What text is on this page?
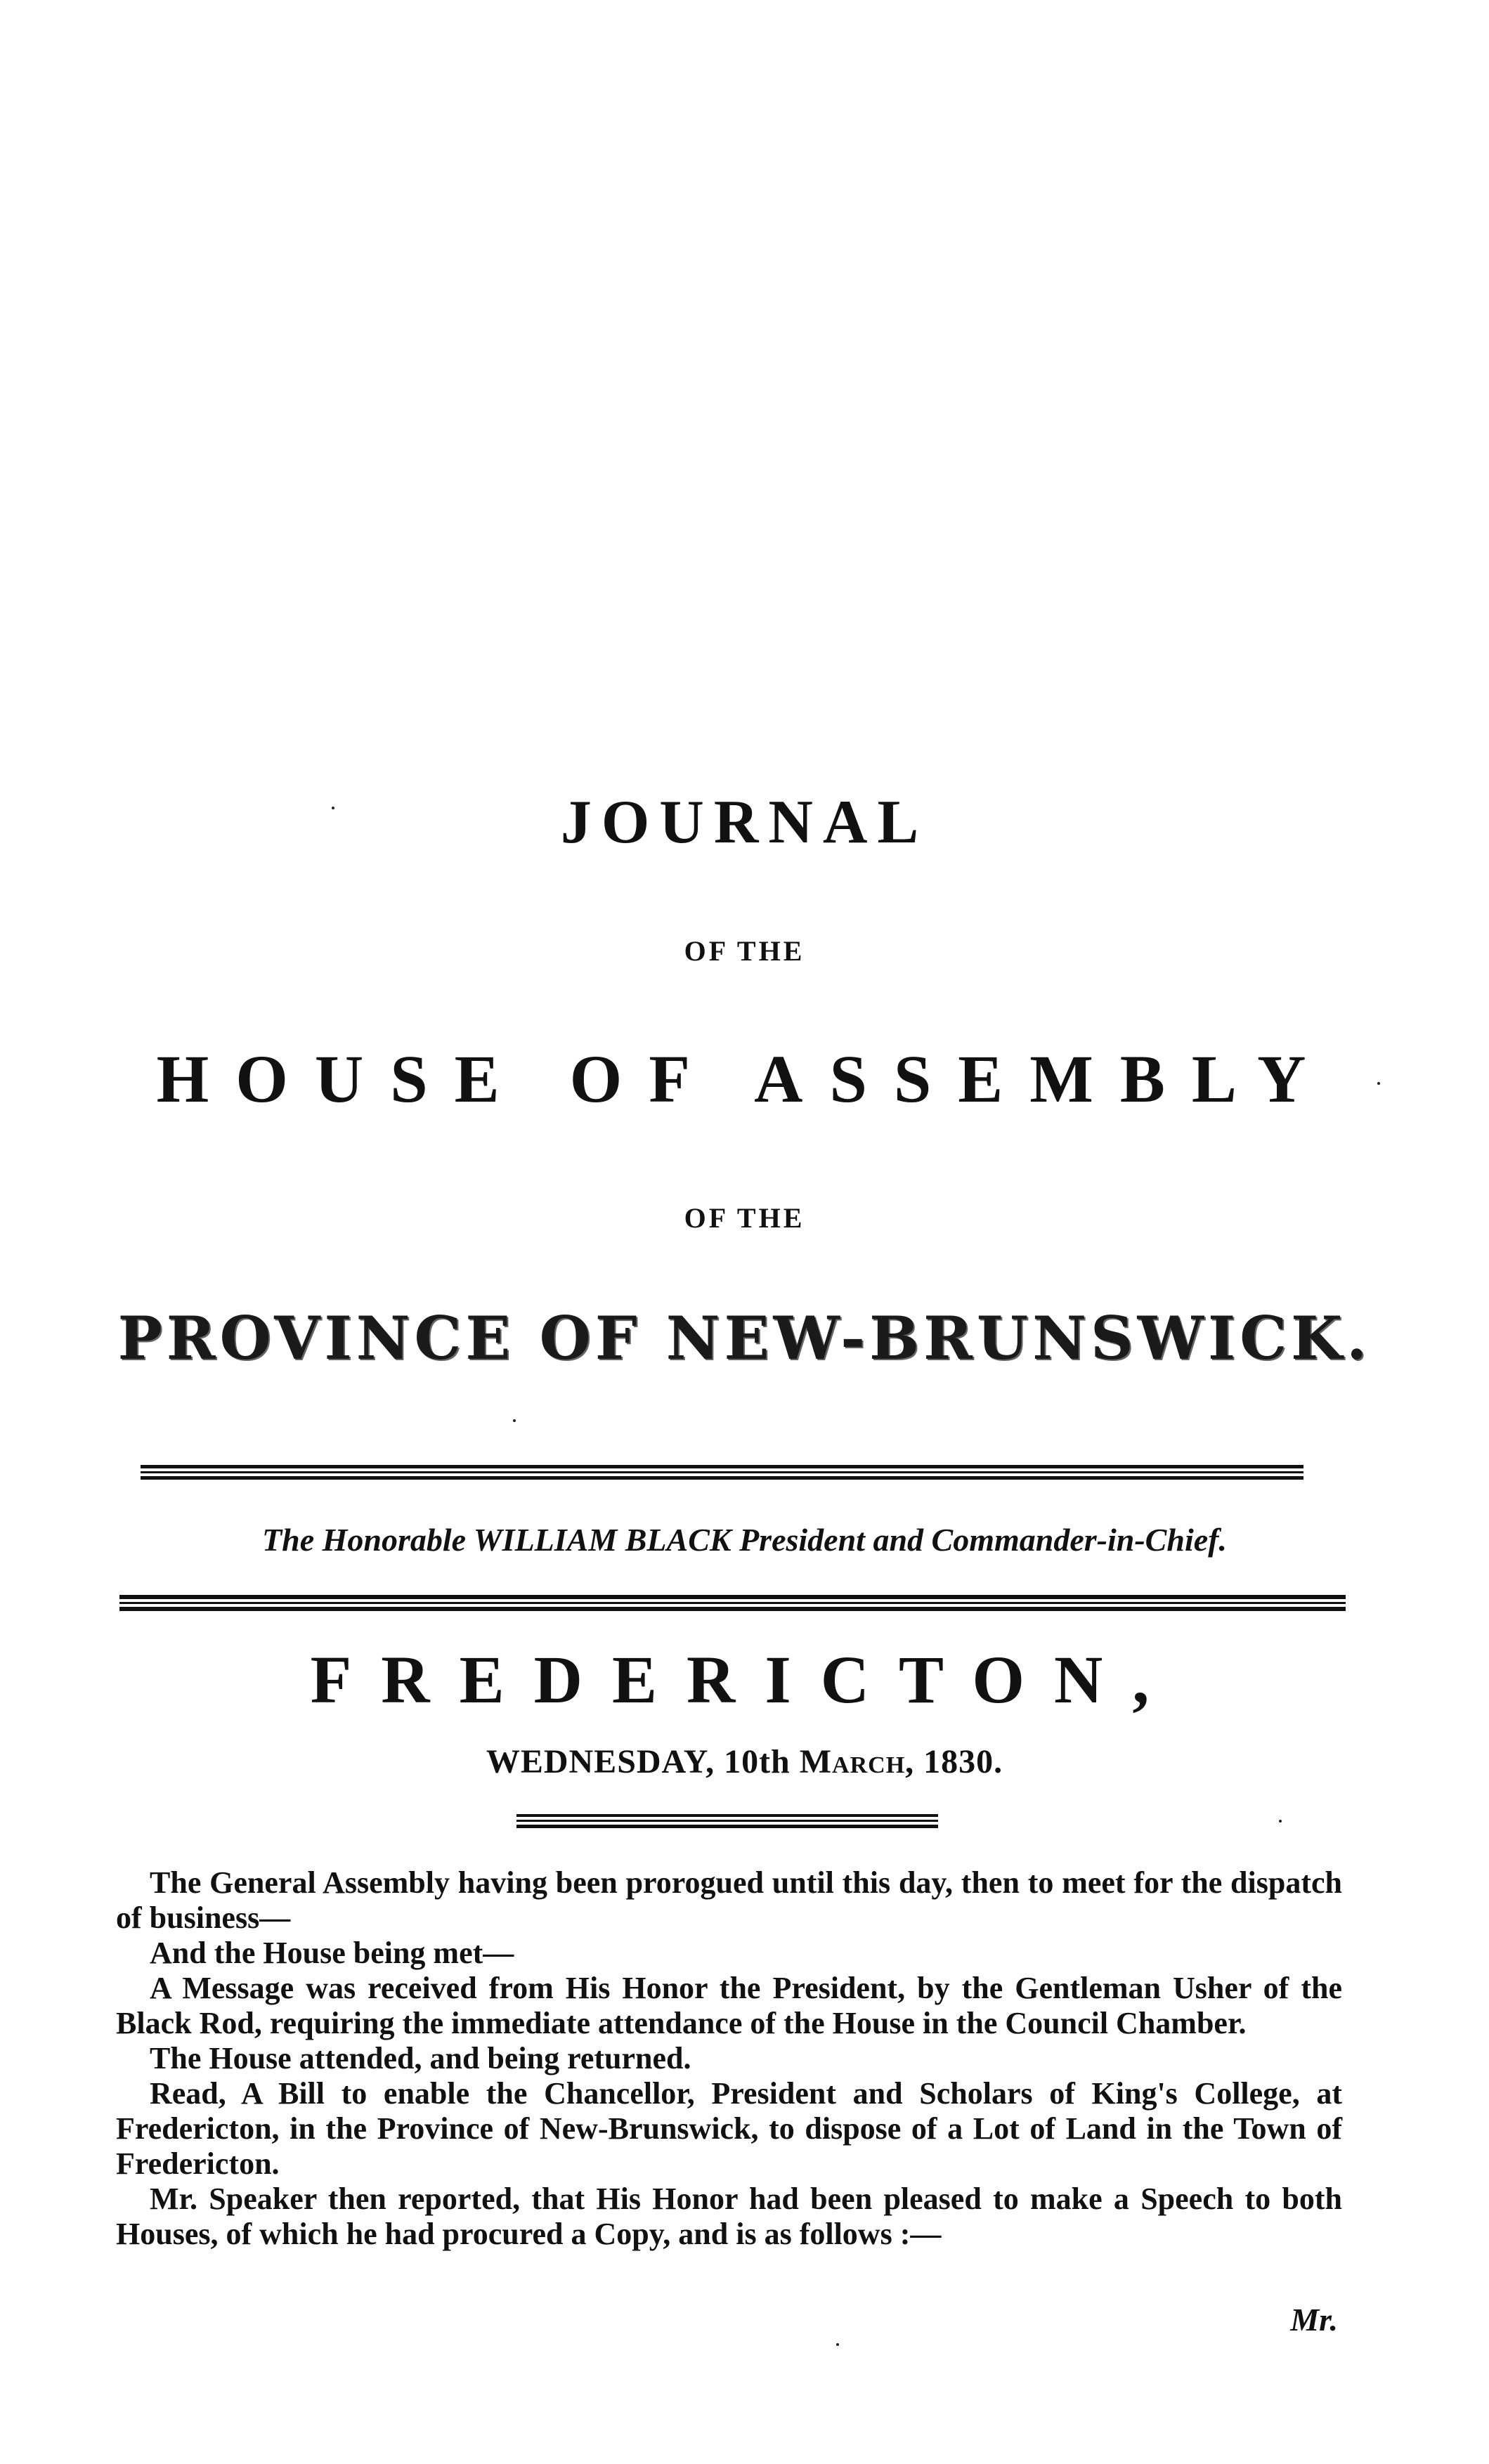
JOURNAL
OF THE
HOUSE OF ASSEMBLY
OF THE
PROVINCE OF NEW-BRUNSWICK.
The Honorable WILLIAM BLACK President and Commander-in-Chief.
FREDERICTON,
WEDNESDAY, 10th March, 1830.

The General Assembly having been prorogued until this day, then to meet for the dispatch of business—

And the House being met—

A Message was received from His Honor the President, by the Gentleman Usher of the Black Rod, requiring the immediate attendance of the House in the Council Chamber.

The House attended, and being returned.

Read, A Bill to enable the Chancellor, President and Scholars of King's College, at Fredericton, in the Province of New-Brunswick, to dispose of a Lot of Land in the Town of Fredericton.

Mr. Speaker then reported, that His Honor had been pleased to make a Speech to both Houses, of which he had procured a Copy, and is as follows :—

Mr.
